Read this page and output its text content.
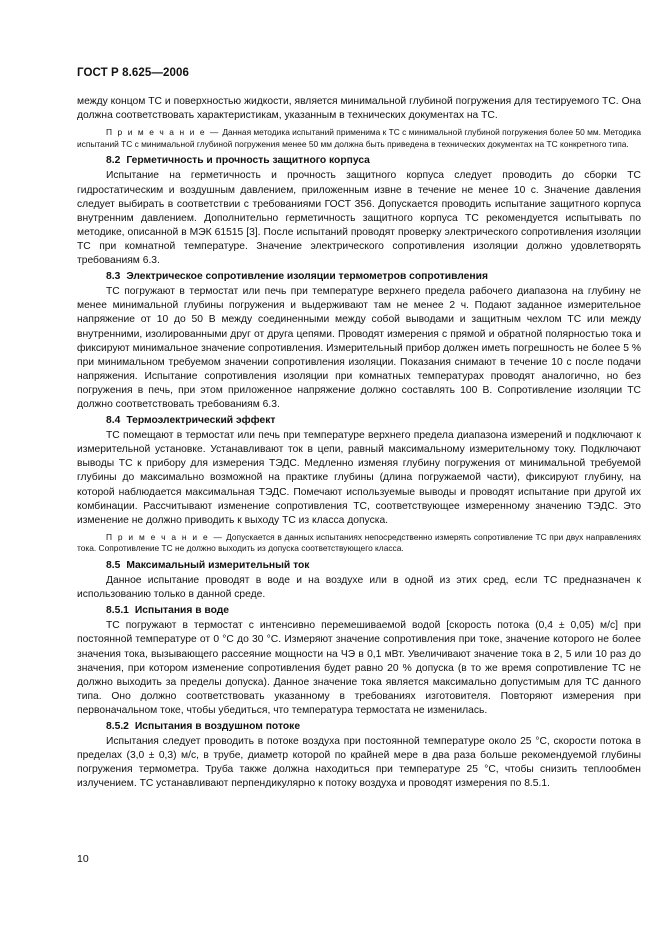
ГОСТ Р 8.625—2006

между концом ТС и поверхностью жидкости, является минимальной глубиной погружения для тестируемого ТС. Она должна соответствовать характеристикам, указанным в технических документах на ТС.

П р и м е ч а н и е — Данная методика испытаний применима к ТС с минимальной глубиной погружения более 50 мм. Методика испытаний ТС с минимальной глубиной погружения менее 50 мм должна быть приведена в технических документах на ТС конкретного типа.

8.2 Герметичность и прочность защитного корпуса

Испытание на герметичность и прочность защитного корпуса следует проводить до сборки ТС гидростатическим и воздушным давлением, приложенным извне в течение не менее 10 с. Значение давления следует выбирать в соответствии с требованиями ГОСТ 356. Допускается проводить испытание защитного корпуса внутренним давлением. Дополнительно герметичность защитного корпуса ТС рекомендуется испытывать по методике, описанной в МЭК 61515 [3]. После испытаний проводят проверку электрического сопротивления изоляции ТС при комнатной температуре. Значение электрического сопротивления изоляции должно удовлетворять требованиям 6.3.

8.3 Электрическое сопротивление изоляции термометров сопротивления

ТС погружают в термостат или печь при температуре верхнего предела рабочего диапазона на глубину не менее минимальной глубины погружения и выдерживают там не менее 2 ч. Подают заданное измерительное напряжение от 10 до 50 В между соединенными между собой выводами и защитным чехлом ТС или между внутренними, изолированными друг от друга цепями. Проводят измерения с прямой и обратной полярностью тока и фиксируют минимальное значение сопротивления. Измерительный прибор должен иметь погрешность не более 5 % при минимальном требуемом значении сопротивления изоляции. Показания снимают в течение 10 с после подачи напряжения. Испытание сопротивления изоляции при комнатных температурах проводят аналогично, но без погружения в печь, при этом приложенное напряжение должно составлять 100 В. Сопротивление изоляции ТС должно соответствовать требованиям 6.3.

8.4 Термоэлектрический эффект

ТС помещают в термостат или печь при температуре верхнего предела диапазона измерений и подключают к измерительной установке. Устанавливают ток в цепи, равный максимальному измерительному току. Подключают выводы ТС к прибору для измерения ТЭДС. Медленно изменяя глубину погружения от минимальной требуемой глубины до максимально возможной на практике глубины (длина погружаемой части), фиксируют глубину, на которой наблюдается максимальная ТЭДС. Помечают используемые выводы и проводят испытание при другой их комбинации. Рассчитывают изменение сопротивления ТС, соответствующее измеренному значению ТЭДС. Это изменение не должно приводить к выходу ТС из класса допуска.

П р и м е ч а н и е — Допускается в данных испытаниях непосредственно измерять сопротивление ТС при двух направлениях тока. Сопротивление ТС не должно выходить из допуска соответствующего класса.

8.5 Максимальный измерительный ток

Данное испытание проводят в воде и на воздухе или в одной из этих сред, если ТС предназначен к использованию только в данной среде.

8.5.1 Испытания в воде

ТС погружают в термостат с интенсивно перемешиваемой водой [скорость потока (0,4 ± 0,05) м/с] при постоянной температуре от 0 °С до 30 °С. Измеряют значение сопротивления при токе, значение которого не более значения тока, вызывающего рассеяние мощности на ЧЭ в 0,1 мВт. Увеличивают значение тока в 2, 5 или 10 раз до значения, при котором изменение сопротивления будет равно 20 % допуска (в то же время сопротивление ТС не должно выходить за пределы допуска). Данное значение тока является максимально допустимым для ТС данного типа. Оно должно соответствовать указанному в требованиях изготовителя. Повторяют измерения при первоначальном токе, чтобы убедиться, что температура термостата не изменилась.

8.5.2 Испытания в воздушном потоке

Испытания следует проводить в потоке воздуха при постоянной температуре около 25 °С, скорости потока в пределах (3,0 ± 0,3) м/с, в трубе, диаметр которой по крайней мере в два раза больше рекомендуемой глубины погружения термометра. Труба также должна находиться при температуре 25 °С, чтобы снизить теплообмен излучением. ТС устанавливают перпендикулярно к потоку воздуха и проводят измерения по 8.5.1.

10
